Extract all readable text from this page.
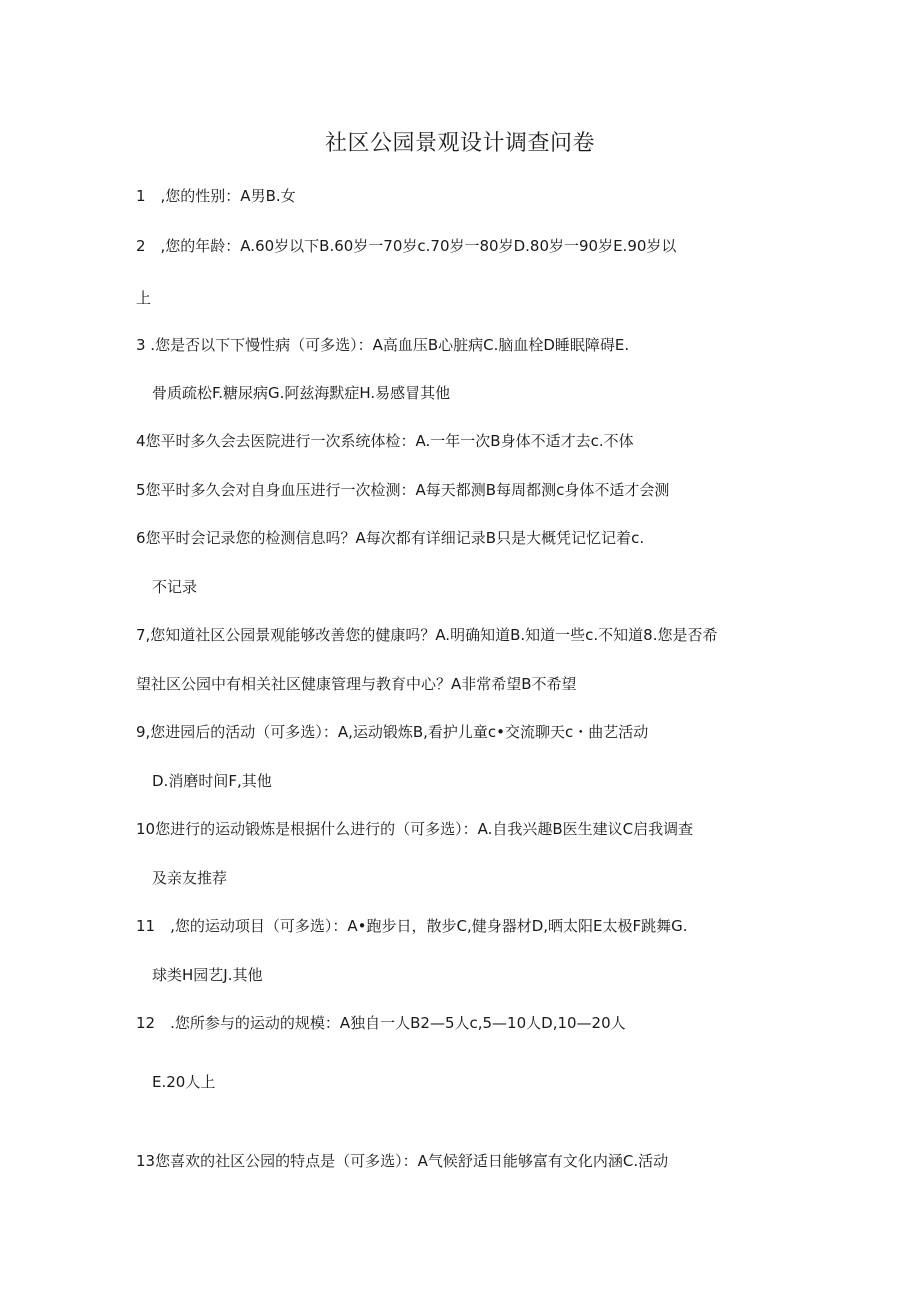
社区公园景观设计调查问卷
1　,您的性别：A男B.女
2　,您的年龄：A.60岁以下B.60岁一70岁c.70岁一80岁D.80岁一90岁E.90岁以
上
3 .您是否以下下慢性病（可多选）：A高血压B心脏病C.脑血栓D睡眠障碍E.
骨质疏松F.糖尿病G.阿兹海默症H.易感冒其他
4您平时多久会去医院进行一次系统体检：A.一年一次B身体不适才去c.不体
5您平时多久会对自身血压进行一次检测：A每天都测B每周都测c身体不适才会测
6您平时会记录您的检测信息吗？A每次都有详细记录B只是大概凭记忆记着c.
不记录
7,您知道社区公园景观能够改善您的健康吗？A.明确知道B.知道一些c.不知道8.您是否希
望社区公园中有相关社区健康管理与教育中心？A非常希望B不希望
9,您进园后的活动（可多选）：A,运动锻炼B,看护儿童c•交流聊天c・曲艺活动
D.消磨时间F,其他
10您进行的运动锻炼是根据什么进行的（可多选）：A.自我兴趣B医生建议C启我调查
及亲友推荐
11　,您的运动项目（可多选）：A•跑步日，散步C,健身器材D,晒太阳E太极F跳舞G.
球类H园艺J.其他
12　.您所参与的运动的规模：A独自一人B2—5人c,5—10人D,10—20人
E.20人上
13您喜欢的社区公园的特点是（可多选）：A气候舒适日能够富有文化内涵C.活动
